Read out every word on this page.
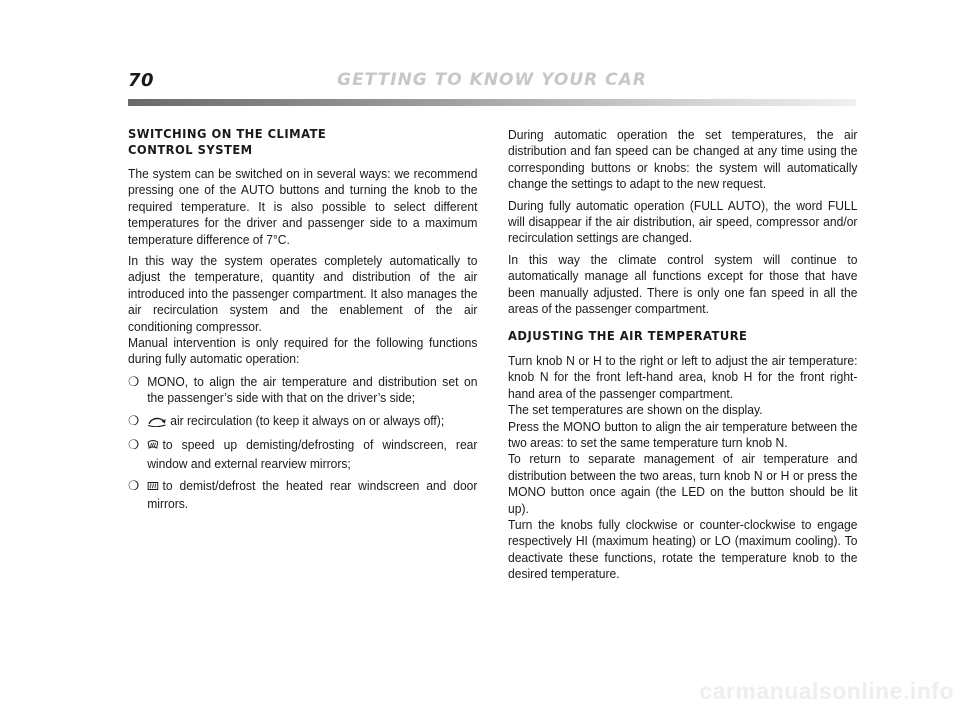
70	GETTING TO KNOW YOUR CAR
SWITCHING ON THE CLIMATE
CONTROL SYSTEM

The system can be switched on in several ways: we recommend pressing one of the AUTO buttons and turning the knob to the required temperature. It is also possible to select different temperatures for the driver and passenger side to a maximum temperature difference of 7°C.

In this way the system operates completely automatically to adjust the temperature, quantity and distribution of the air introduced into the passenger compartment. It also manages the air recirculation system and the enablement of the air conditioning compressor.

Manual intervention is only required for the following functions during fully automatic operation:

❍ MONO, to align the air temperature and distribution set on the passenger’s side with that on the driver’s side;
❍ air recirculation (to keep it always on or always off);
❍ to speed up demisting/defrosting of windscreen, rear window and external rearview mirrors;
❍ to demist/defrost the heated rear windscreen and door mirrors.

During automatic operation the set temperatures, the air distribution and fan speed can be changed at any time using the corresponding buttons or knobs: the system will automatically change the settings to adapt to the new request.

During fully automatic operation (FULL AUTO), the word FULL will disappear if the air distribution, air speed, compressor and/or recirculation settings are changed.

In this way the climate control system will continue to automatically manage all functions except for those that have been manually adjusted. There is only one fan speed in all the areas of the passenger compartment.

ADJUSTING THE AIR TEMPERATURE

Turn knob N or H to the right or left to adjust the air temperature: knob N for the front left-hand area, knob H for the front right-hand area of the passenger compartment.

The set temperatures are shown on the display.

Press the MONO button to align the air temperature between the two areas: to set the same temperature turn knob N.

To return to separate management of air temperature and distribution between the two areas, turn knob N or H or press the MONO button once again (the LED on the button should be lit up).

Turn the knobs fully clockwise or counter-clockwise to engage respectively HI (maximum heating) or LO (maximum cooling). To deactivate these functions, rotate the temperature knob to the desired temperature.

carmanualsonline.info
